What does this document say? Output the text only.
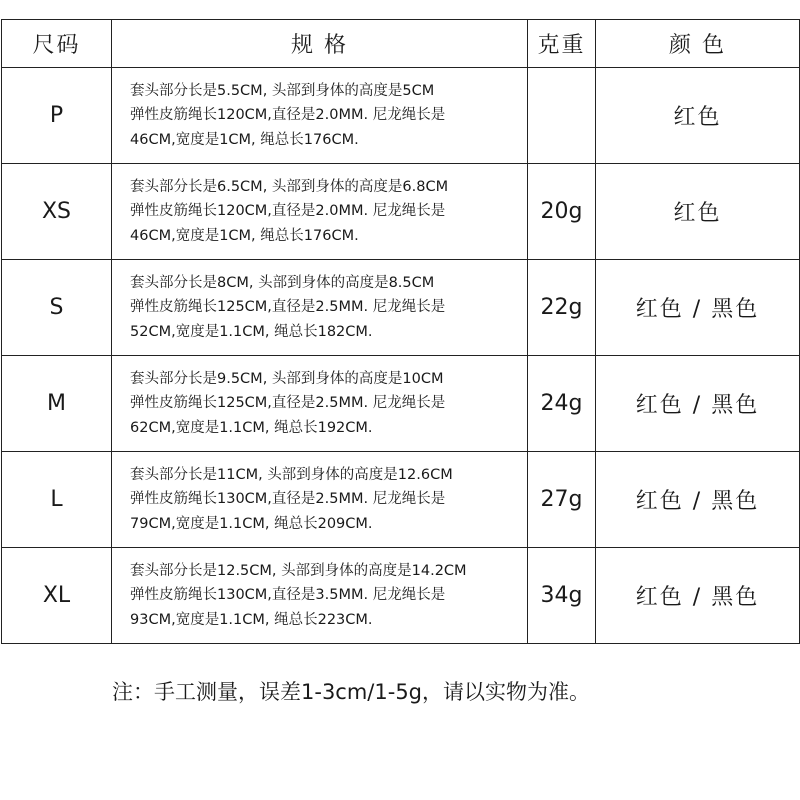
尺码	规 格	克重	颜 色
P	套头部分长是5.5CM, 头部到身体的高度是5CM
弹性皮筋绳长120CM,直径是2.0MM. 尼龙绳长是
46CM,宽度是1CM, 绳总长176CM.		红色
XS	套头部分长是6.5CM, 头部到身体的高度是6.8CM
弹性皮筋绳长120CM,直径是2.0MM. 尼龙绳长是
46CM,宽度是1CM, 绳总长176CM.	20g	红色
S	套头部分长是8CM, 头部到身体的高度是8.5CM
弹性皮筋绳长125CM,直径是2.5MM. 尼龙绳长是
52CM,宽度是1.1CM, 绳总长182CM.	22g	红色 / 黑色
M	套头部分长是9.5CM, 头部到身体的高度是10CM
弹性皮筋绳长125CM,直径是2.5MM. 尼龙绳长是
62CM,宽度是1.1CM, 绳总长192CM.	24g	红色 / 黑色
L	套头部分长是11CM, 头部到身体的高度是12.6CM
弹性皮筋绳长130CM,直径是2.5MM. 尼龙绳长是
79CM,宽度是1.1CM, 绳总长209CM.	27g	红色 / 黑色
XL	套头部分长是12.5CM, 头部到身体的高度是14.2CM
弹性皮筋绳长130CM,直径是3.5MM. 尼龙绳长是
93CM,宽度是1.1CM, 绳总长223CM.	34g	红色 / 黑色
注：手工测量，误差1-3cm/1-5g，请以实物为准。
